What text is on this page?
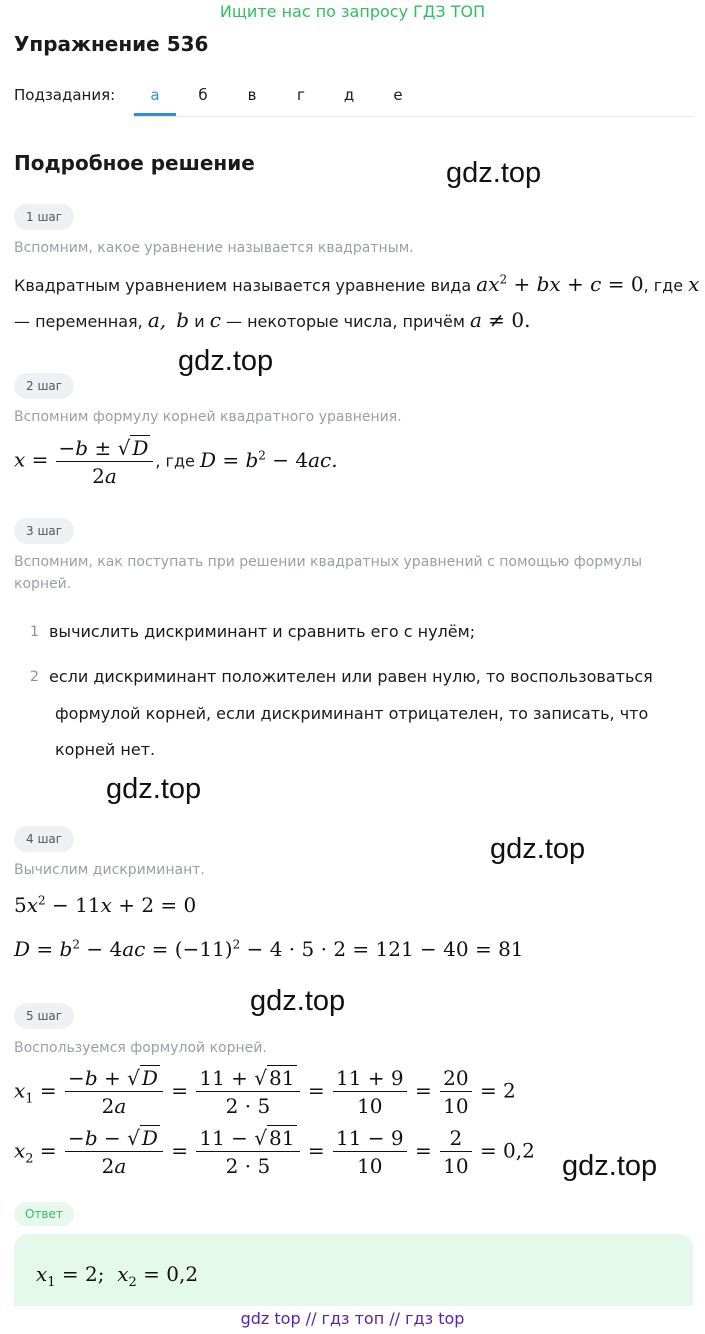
Ищите нас по запросу ГДЗ ТОП
Упражнение 536
Подзадания:	а	б	в	г	д	е
Подробное решение	gdz.top
gdz.top
gdz.top
gdz.top
gdz.top
gdz.top
1 шаг
Вспомним, какое уравнение называется квадратным.
Квадратным уравнением называется уравнение вида $ax^2$ + bx + c = 0, где x
— переменная, a, b и c — некоторые числа, причём a ≠ 0.
2 шаг
Вспомним формулу корней квадратного уравнения.
$x = \frac{-b \pm √ D}{2a}$ , где $D = b^2 - 4ac$.
3 шаг
Вспомним, как поступать при решении квадратных уравнений с помощью формулы
корней.
1 вычислить дискриминант и сравнить его с нулём;
2 если дискриминант положителен или равен нулю, то воспользоваться
формулой корней, если дискриминант отрицателен, то записать, что
корней нет.
4 шаг
Вычислим дискриминант.
$5x^2 - 11x + 2 = 0$
$D = b^2 - 4ac = (-11)^2 - 4 \cdot 5 \cdot 2 = 121 - 40 = 81$
5 шаг
Воспользуемся формулой корней.
$x_1 = \frac{-b + √ D}{2a} = \frac{11 + √ 81}{2 \cdot 5} = \frac{11 + 9}{10} = \frac{20}{10} = 2$
$x_2 = \frac{-b - √ D}{2a} = \frac{11 - √ 81}{2 \cdot 5} = \frac{11 - 9}{10} = \frac{2}{10} = 0,2$
Ответ
$x_1 = 2$;  $x_2 = 0,2$
gdz top // гдз топ // гдз top
